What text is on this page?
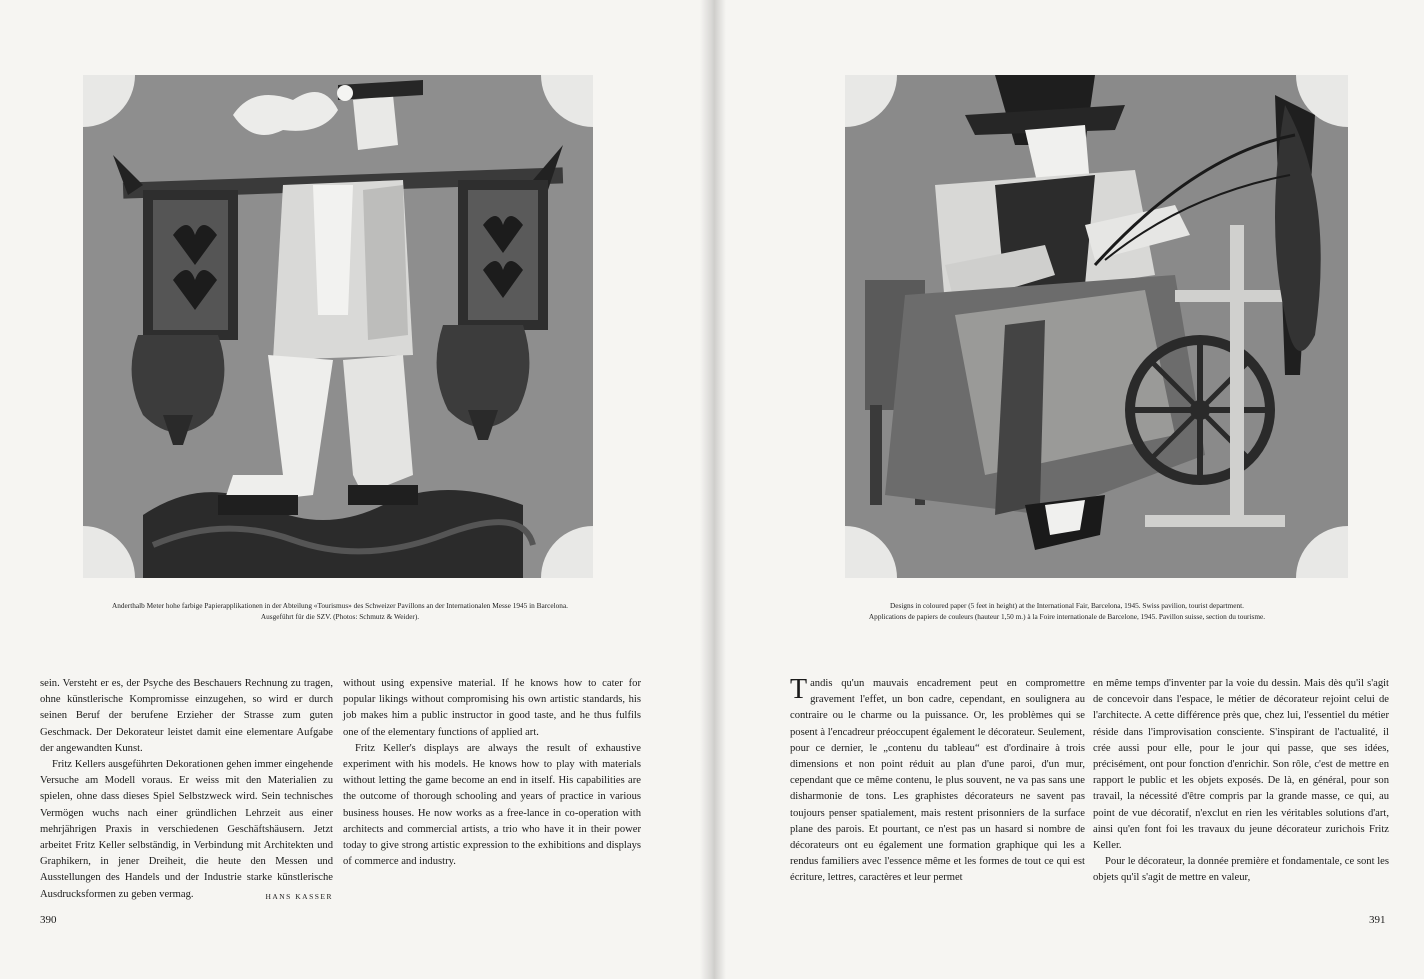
Anderthalb Meter hohe farbige Papierapplikationen in der Abteilung «Tourismus» des Schweizer Pavillons an der Internationalen Messe 1945 in Barcelona.
Ausgeführt für die SZV. (Photos: Schmutz & Weider).

sein. Versteht er es, der Psyche des Beschauers Rechnung zu tragen, ohne künstlerische Kompromisse einzugehen, so wird er durch seinen Beruf der berufene Erzieher der Strasse zum guten Geschmack. Der Dekorateur leistet damit eine elementare Aufgabe der angewandten Kunst.

Fritz Kellers ausgeführten Dekorationen gehen immer eingehende Versuche am Modell voraus. Er weiss mit den Materialien zu spielen, ohne dass dieses Spiel Selbstzweck wird. Sein technisches Vermögen wuchs nach einer gründlichen Lehrzeit aus einer mehrjährigen Praxis in verschiedenen Geschäftshäusern. Jetzt arbeitet Fritz Keller selbständig, in Verbindung mit Architekten und Graphikern, in jener Dreiheit, die heute den Messen und Ausstellungen des Handels und der Industrie starke künstlerische Ausdrucksformen zu geben vermag.	HANS KASSER

without using expensive material. If he knows how to cater for popular likings without compromising his own artistic standards, his job makes him a public instructor in good taste, and he thus fulfils one of the elementary functions of applied art.

Fritz Keller's displays are always the result of exhaustive experiment with his models. He knows how to play with materials without letting the game become an end in itself. His capabilities are the outcome of thorough schooling and years of practice in various business houses. He now works as a free-lance in co-operation with architects and commercial artists, a trio who have it in their power today to give strong artistic expression to the exhibitions and displays of commerce and industry.

390
Designs in coloured paper (5 feet in height) at the International Fair, Barcelona, 1945. Swiss pavilion, tourist department.
Applications de papiers de couleurs (hauteur 1,50 m.) à la Foire internationale de Barcelone, 1945. Pavillon suisse, section du tourisme.

Tandis qu'un mauvais encadrement peut en compromettre gravement l'effet, un bon cadre, cependant, en soulignera au contraire ou le charme ou la puissance. Or, les problèmes qui se posent à l'encadreur préoccupent également le décorateur. Seulement, pour ce dernier, le „contenu du tableau“ est d'ordinaire à trois dimensions et non point réduit au plan d'une paroi, d'un mur, cependant que ce même contenu, le plus souvent, ne va pas sans une disharmonie de tons. Les graphistes décorateurs ne savent pas toujours penser spatialement, mais restent prisonniers de la surface plane des parois. Et pourtant, ce n'est pas un hasard si nombre de décorateurs ont eu également une formation graphique qui les a rendus familiers avec l'essence même et les formes de tout ce qui est écriture, lettres, caractères et leur permet

en même temps d'inventer par la voie du dessin. Mais dès qu'il s'agit de concevoir dans l'espace, le métier de décorateur rejoint celui de l'architecte. A cette différence près que, chez lui, l'essentiel du métier réside dans l'improvisation consciente. S'inspirant de l'actualité, il crée aussi pour elle, pour le jour qui passe, que ses idées, précisément, ont pour fonction d'enrichir. Son rôle, c'est de mettre en rapport le public et les objets exposés. De là, en général, pour son travail, la nécessité d'être compris par la grande masse, ce qui, au point de vue décoratif, n'exclut en rien les véritables solutions d'art, ainsi qu'en font foi les travaux du jeune décorateur zurichois Fritz Keller.

Pour le décorateur, la donnée première et fondamentale, ce sont les objets qu'il s'agit de mettre en valeur,

391
